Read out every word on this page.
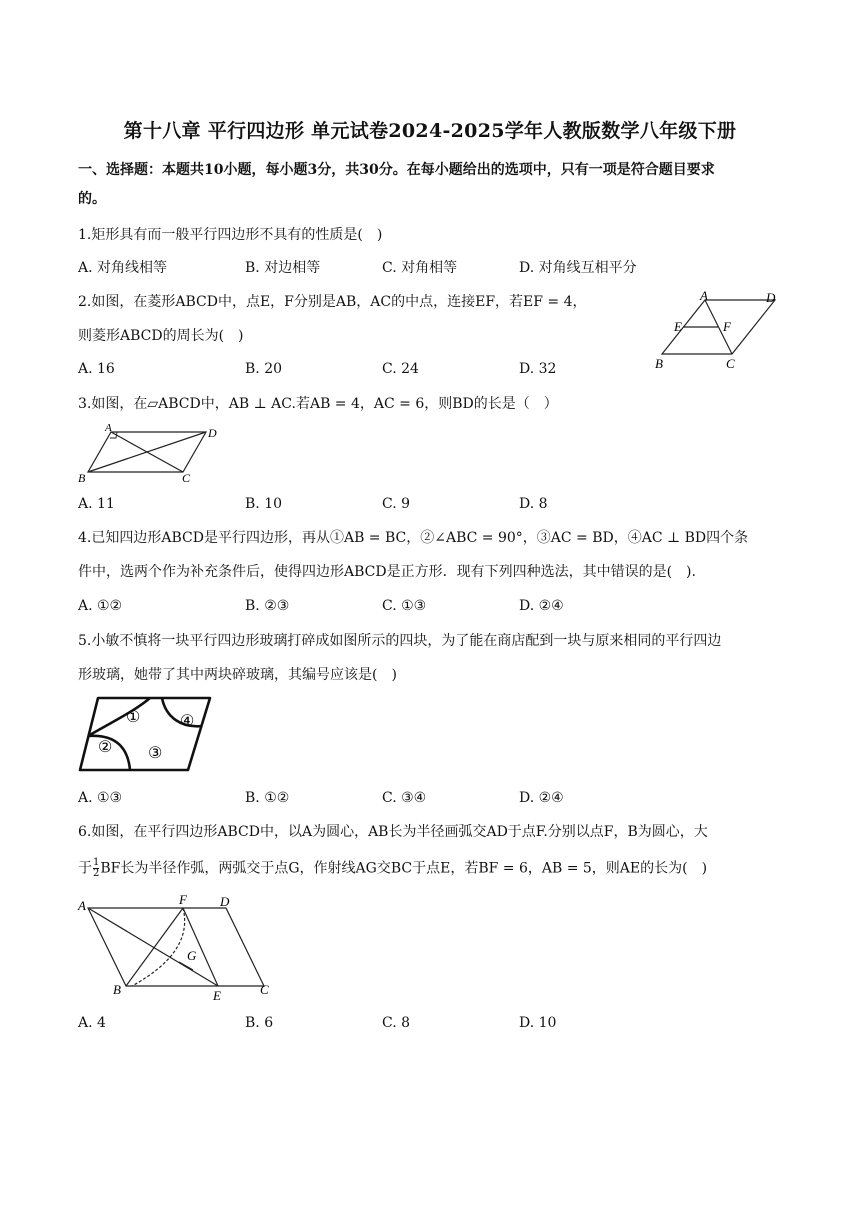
第十八章 平行四边形 单元试卷2024-2025学年人教版数学八年级下册
一、选择题：本题共10小题，每小题3分，共30分。在每小题给出的选项中，只有一项是符合题目要求
的。
1.矩形具有而一般平行四边形不具有的性质是(　)
A. 对角线相等	B. 对边相等	C. 对角相等	D. 对角线互相平分
2.如图，在菱形ABCD中，点E，F分别是AB，AC的中点，连接EF，若EF = 4，
则菱形ABCD的周长为(　)
A. 16	B. 20	C. 24	D. 32
A	D
E	F
B	C
3.如图，在▱ABCD中，AB ⊥ AC.若AB = 4，AC = 6，则BD的长是（　）
A	D
B	C
A. 11	B. 10	C. 9	D. 8
4.已知四边形ABCD是平行四边形，再从①AB = BC，②∠ABC = 90°，③AC = BD，④AC ⊥ BD四个条
件中，选两个作为补充条件后，使得四边形ABCD是正方形．现有下列四种选法，其中错误的是(　).
A. ①②	B. ②③	C. ①③	D. ②④
5.小敏不慎将一块平行四边形玻璃打碎成如图所示的四块，为了能在商店配到一块与原来相同的平行四边
形玻璃，她带了其中两块碎玻璃，其编号应该是(　)
① ④
② ③
A. ①③	B. ①②	C. ③④	D. ②④
6.如图，在平行四边形ABCD中，以A为圆心，AB长为半径画弧交AD于点F.分别以点F，B为圆心，大
于 $\frac{1}{2}$ BF长为半径作弧，两弧交于点G，作射线AG交BC于点E，若BF = 6，AB = 5，则AE的长为(　)
A	F	D
G
B	E	C
A. 4	B. 6	C. 8	D. 10
